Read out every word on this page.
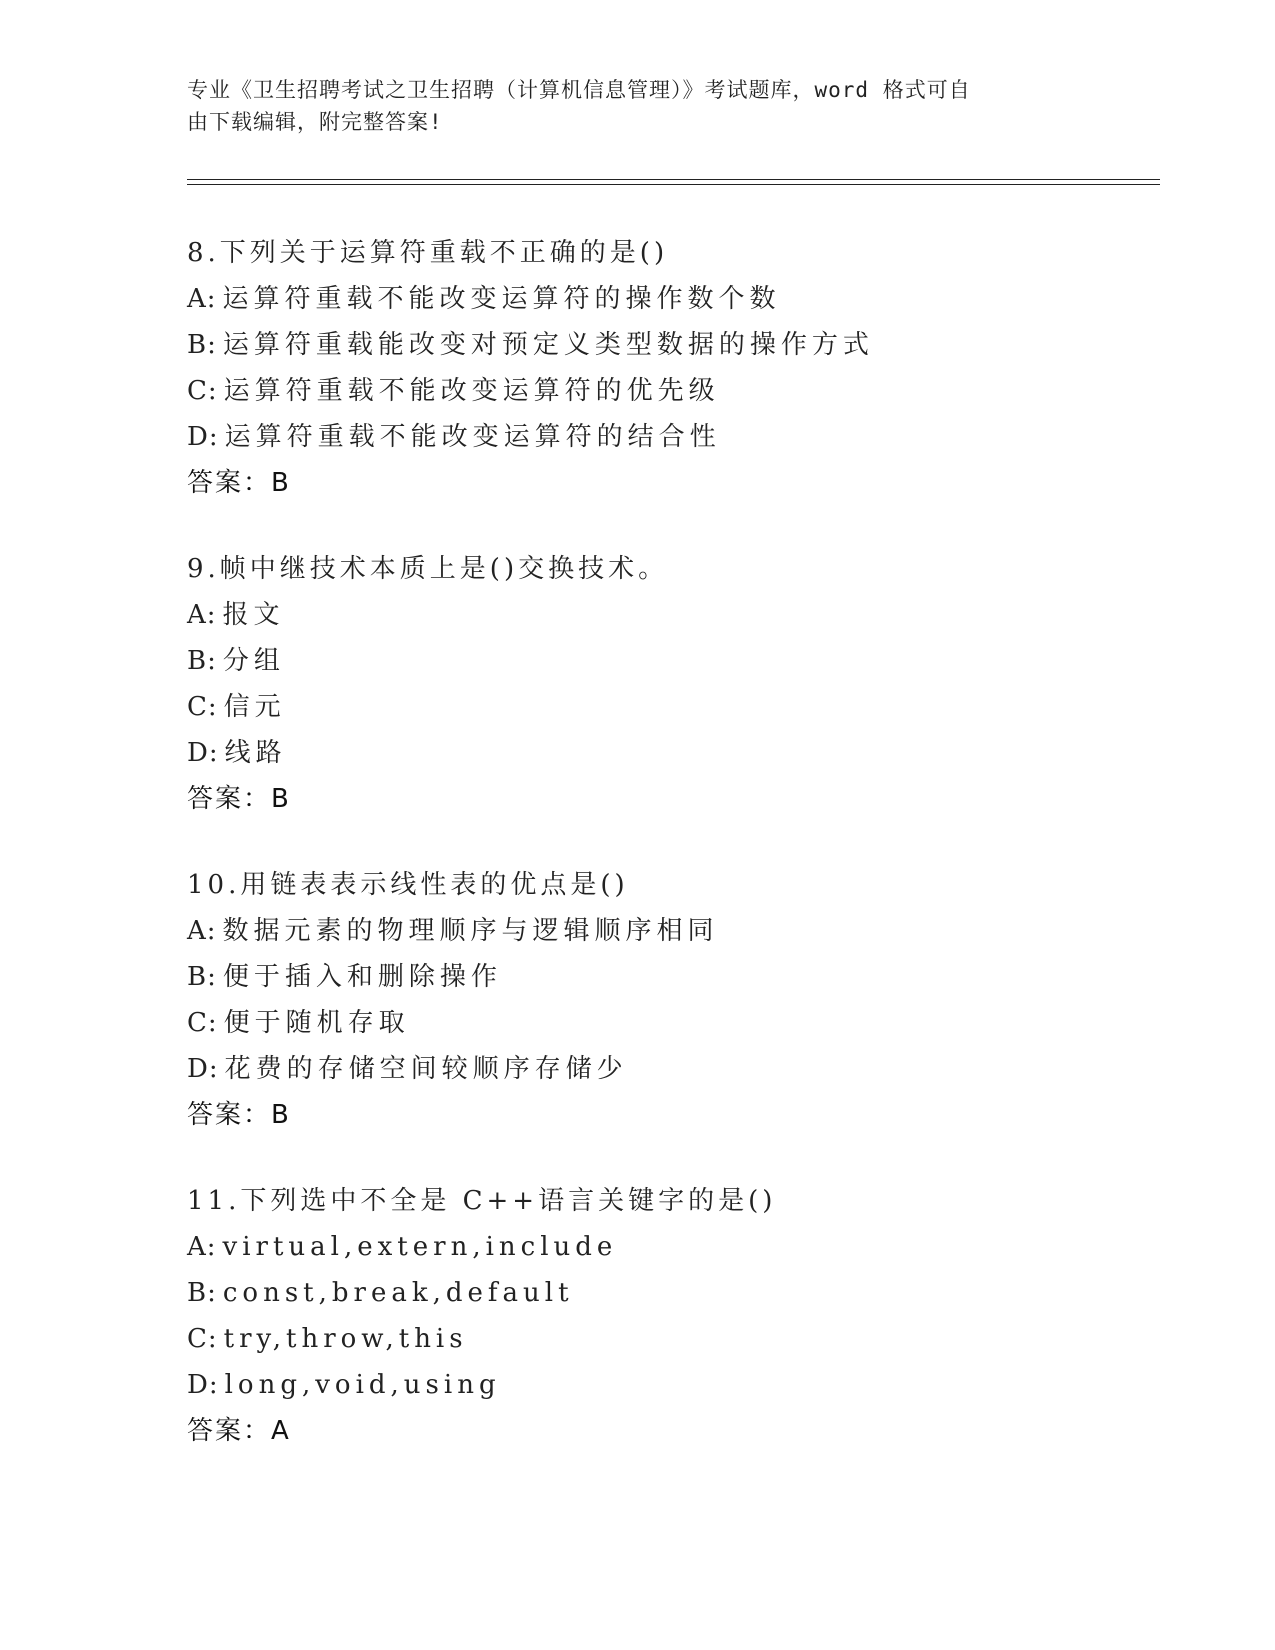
专业《卫生招聘考试之卫生招聘（计算机信息管理）》考试题库，word 格式可自

由下载编辑，附完整答案!

8.下列关于运算符重载不正确的是()
A: 运算符重载不能改变运算符的操作数个数
B: 运算符重载能改变对预定义类型数据的操作方式
C: 运算符重载不能改变运算符的优先级
D: 运算符重载不能改变运算符的结合性
答案：B
9.帧中继技术本质上是()交换技术。
A: 报文
B: 分组
C: 信元
D: 线路
答案：B
10.用链表表示线性表的优点是()
A: 数据元素的物理顺序与逻辑顺序相同
B: 便于插入和删除操作
C: 便于随机存取
D: 花费的存储空间较顺序存储少
答案：B
11.下列选中不全是 C++语言关键字的是()
A: virtual,extern,include
B: const,break,default
C: try,throw,this
D: long,void,using
答案：A
